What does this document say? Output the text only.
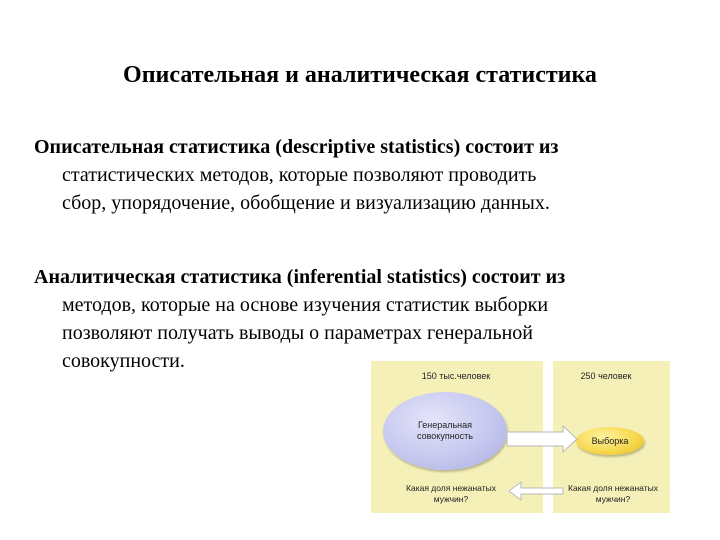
Описательная и аналитическая статистика
Описательная статистика (descriptive statistics) состоит из
статистических методов, которые позволяют проводить
сбор, упорядочение, обобщение и визуализацию данных.
Аналитическая статистика (inferential statistics) состоит из
методов, которые на основе изучения статистик выборки
позволяют получать выводы о параметрах генеральной
совокупности.
150 тыс.человек	250 человек
Генеральная совокупность	Выборка
Какая доля нежанатых мужчин?
Какая доля нежанатых мужчин?
